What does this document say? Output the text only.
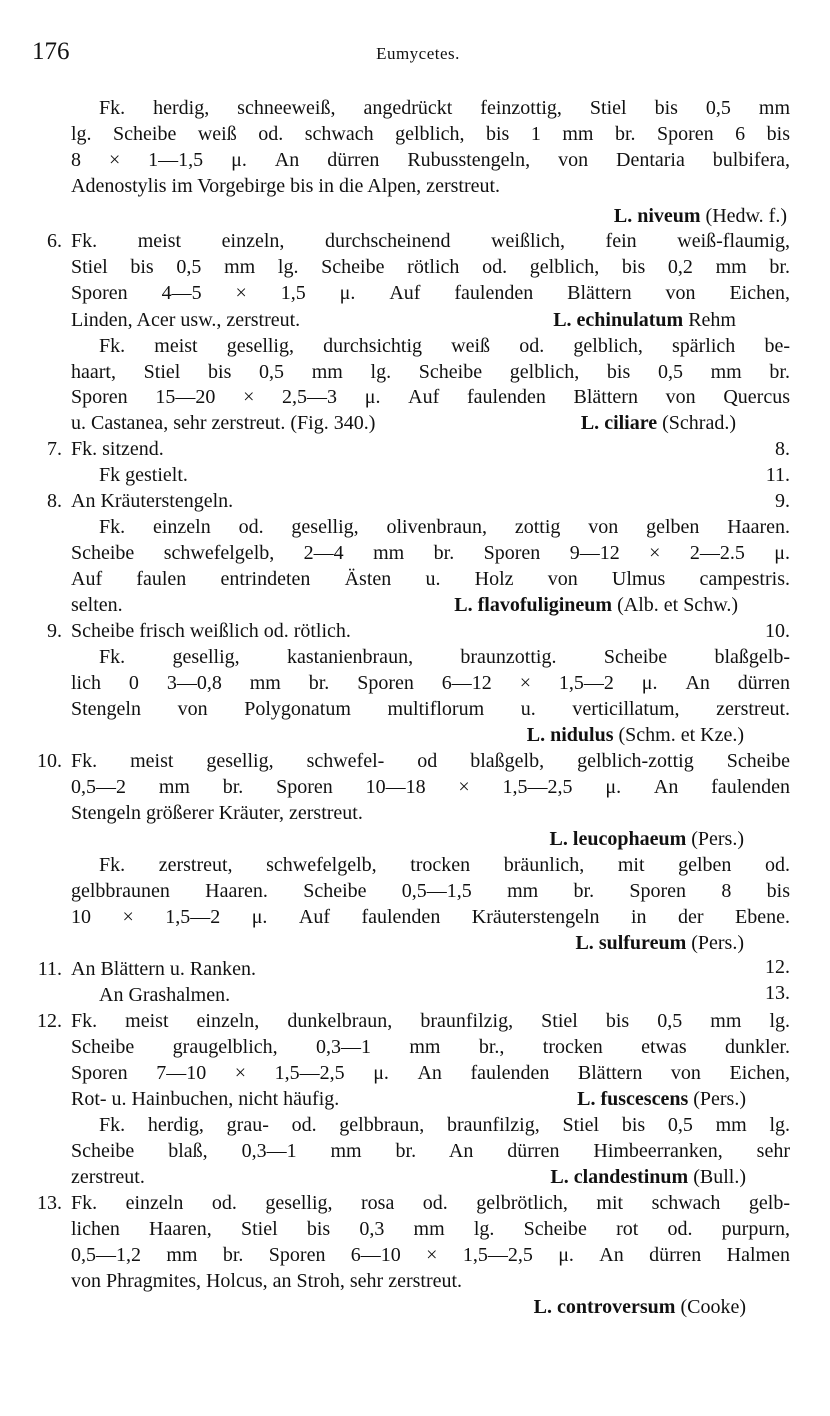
176	Eumycetes.
Fk. herdig, schneeweiß, angedrückt feinzottig, Stiel bis 0,5 mm
lg. Scheibe weiß od. schwach gelblich, bis 1 mm br. Sporen 6 bis
8 × 1—1,5 μ. An dürren Rubusstengeln, von Dentaria bulbifera,
Adenostylis im Vorgebirge bis in die Alpen, zerstreut.
L. niveum (Hedw. f.)
6. Fk. meist einzeln, durchscheinend weißlich, fein weiß-flaumig,
Stiel bis 0,5 mm lg. Scheibe rötlich od. gelblich, bis 0,2 mm br.
Sporen 4—5 × 1,5 μ. Auf faulenden Blättern von Eichen,
Linden, Acer usw., zerstreut.	L. echinulatum Rehm
Fk. meist gesellig, durchsichtig weiß od. gelblich, spärlich be-
haart, Stiel bis 0,5 mm lg. Scheibe gelblich, bis 0,5 mm br.
Sporen 15—20 × 2,5—3 μ. Auf faulenden Blättern von Quercus
u. Castanea, sehr zerstreut. (Fig. 340.)	L. ciliare (Schrad.)
7. Fk. sitzend.	8.
Fk gestielt.	11.
8. An Kräuterstengeln.	9.
Fk. einzeln od. gesellig, olivenbraun, zottig von gelben Haaren.
Scheibe schwefelgelb, 2—4 mm br. Sporen 9—12 × 2—2.5 μ.
Auf faulen entrindeten Ästen u. Holz von Ulmus campestris.
selten.	L. flavofuligineum (Alb. et Schw.)
9. Scheibe frisch weißlich od. rötlich.	10.
Fk. gesellig, kastanienbraun, braunzottig. Scheibe blaßgelb-
lich 0 3—0,8 mm br. Sporen 6—12 × 1,5—2 μ. An dürren
Stengeln von Polygonatum multiflorum u. verticillatum, zerstreut.
L. nidulus (Schm. et Kze.)
10. Fk. meist gesellig, schwefel- od blaßgelb, gelblich-zottig Scheibe
0,5—2 mm br. Sporen 10—18 × 1,5—2,5 μ. An faulenden
Stengeln größerer Kräuter, zerstreut.
L. leucophaeum (Pers.)
Fk. zerstreut, schwefelgelb, trocken bräunlich, mit gelben od.
gelbbraunen Haaren. Scheibe 0,5—1,5 mm br. Sporen 8 bis
10 × 1,5—2 μ. Auf faulenden Kräuterstengeln in der Ebene.
L. sulfureum (Pers.)
11. An Blättern u. Ranken.	12.
An Grashalmen.	13.
12. Fk. meist einzeln, dunkelbraun, braunfilzig, Stiel bis 0,5 mm lg.
Scheibe graugelblich, 0,3—1 mm br., trocken etwas dunkler.
Sporen 7—10 × 1,5—2,5 μ. An faulenden Blättern von Eichen,
Rot- u. Hainbuchen, nicht häufig.	L. fuscescens (Pers.)
Fk. herdig, grau- od. gelbbraun, braunfilzig, Stiel bis 0,5 mm lg.
Scheibe blaß, 0,3—1 mm br. An dürren Himbeerranken, sehr
zerstreut.	L. clandestinum (Bull.)
13. Fk. einzeln od. gesellig, rosa od. gelbrötlich, mit schwach gelb-
lichen Haaren, Stiel bis 0,3 mm lg. Scheibe rot od. purpurn,
0,5—1,2 mm br. Sporen 6—10 × 1,5—2,5 μ. An dürren Halmen
von Phragmites, Holcus, an Stroh, sehr zerstreut.
L. controversum (Cooke)
